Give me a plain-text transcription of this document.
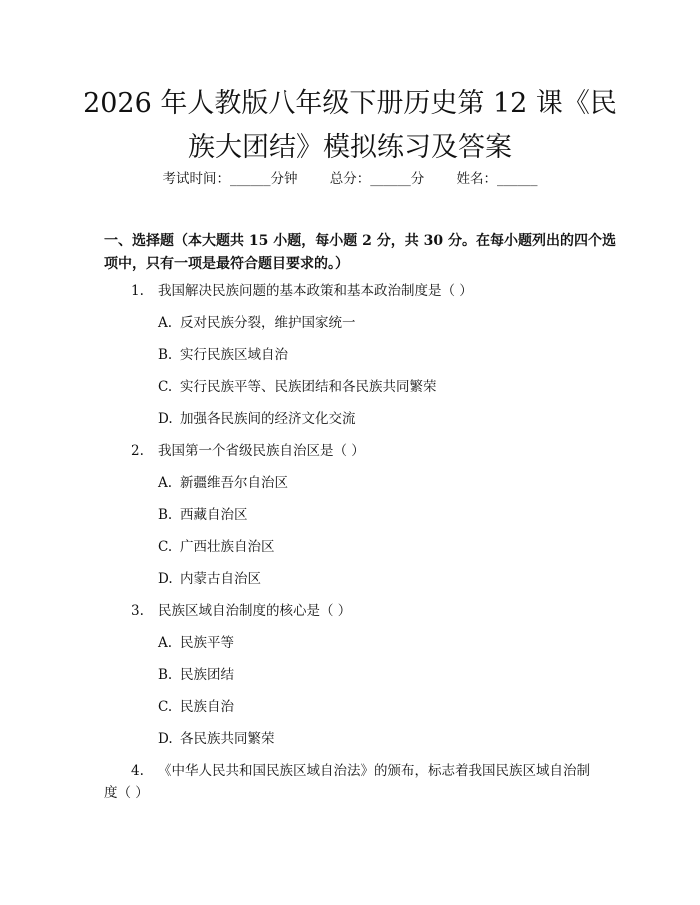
2026 年人教版八年级下册历史第 12 课《民
族大团结》模拟练习及答案
考试时间：______分钟 总分：______分 姓名：______

一、选择题（本大题共 15 小题，每小题 2 分，共 30 分。在每小题列出的四个选
项中，只有一项是最符合题目要求的。）

1. 我国解决民族问题的基本政策和基本政治制度是（ ）
A. 反对民族分裂，维护国家统一
B. 实行民族区域自治
C. 实行民族平等、民族团结和各民族共同繁荣
D. 加强各民族间的经济文化交流
2. 我国第一个省级民族自治区是（ ）
A. 新疆维吾尔自治区
B. 西藏自治区
C. 广西壮族自治区
D. 内蒙古自治区
3. 民族区域自治制度的核心是（ ）
A. 民族平等
B. 民族团结
C. 民族自治
D. 各民族共同繁荣
4. 《中华人民共和国民族区域自治法》的颁布，标志着我国民族区域自治制
度（ ）
